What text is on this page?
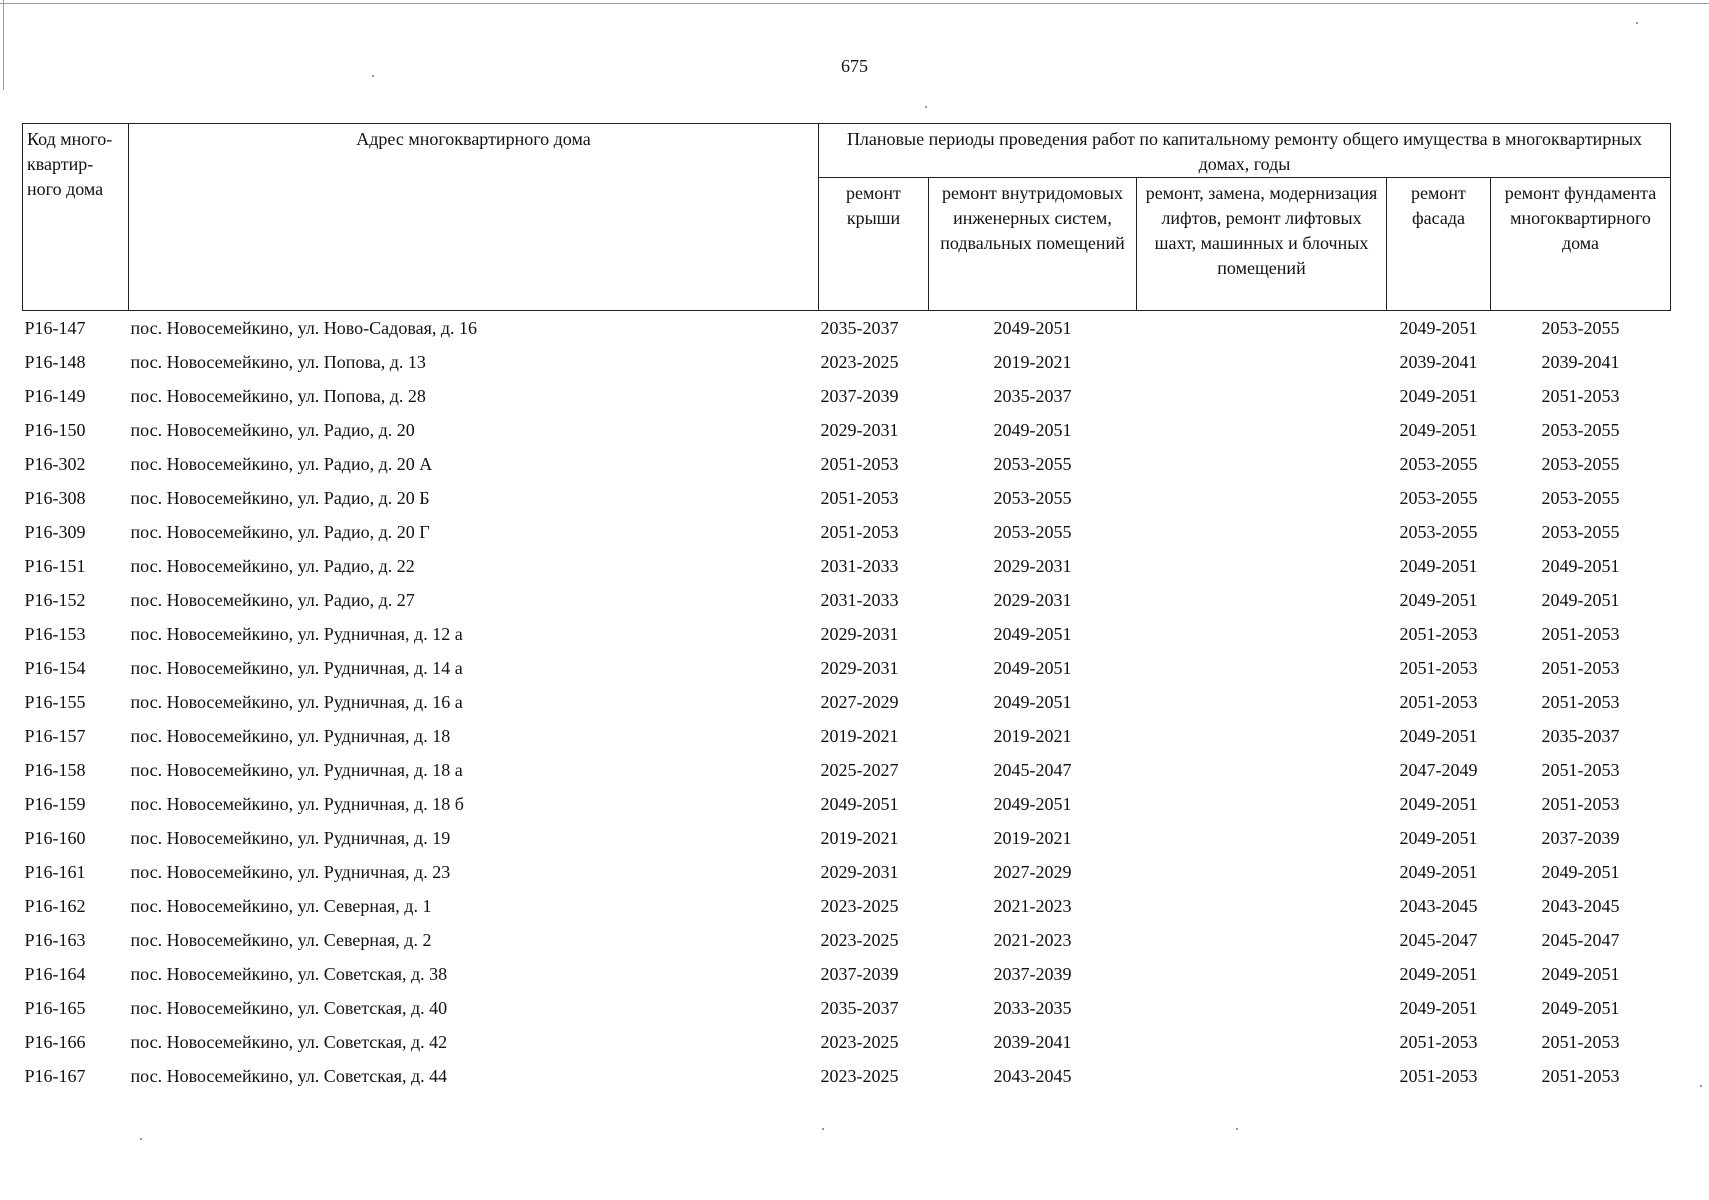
675
Код много-квартир-ного дома	Адрес многоквартирного дома	Плановые периоды проведения работ по капитальному ремонту общего имущества в многоквартирных домах, годы				
		ремонт крыши	ремонт внутридомовых инженерных систем, подвальных помещений	ремонт, замена, модернизация лифтов, ремонт лифтовых шахт, машинных и блочных помещений	ремонт фасада	ремонт фундамента многоквартирного дома
P16-147	пос. Новосемейкино, ул. Ново-Садовая, д. 16	2035-2037	2049-2051		2049-2051	2053-2055
P16-148	пос. Новосемейкино, ул. Попова, д. 13	2023-2025	2019-2021		2039-2041	2039-2041
P16-149	пос. Новосемейкино, ул. Попова, д. 28	2037-2039	2035-2037		2049-2051	2051-2053
P16-150	пос. Новосемейкино, ул. Радио, д. 20	2029-2031	2049-2051		2049-2051	2053-2055
P16-302	пос. Новосемейкино, ул. Радио, д. 20 А	2051-2053	2053-2055		2053-2055	2053-2055
P16-308	пос. Новосемейкино, ул. Радио, д. 20 Б	2051-2053	2053-2055		2053-2055	2053-2055
P16-309	пос. Новосемейкино, ул. Радио, д. 20 Г	2051-2053	2053-2055		2053-2055	2053-2055
P16-151	пос. Новосемейкино, ул. Радио, д. 22	2031-2033	2029-2031		2049-2051	2049-2051
P16-152	пос. Новосемейкино, ул. Радио, д. 27	2031-2033	2029-2031		2049-2051	2049-2051
P16-153	пос. Новосемейкино, ул. Рудничная, д. 12 а	2029-2031	2049-2051		2051-2053	2051-2053
P16-154	пос. Новосемейкино, ул. Рудничная, д. 14 а	2029-2031	2049-2051		2051-2053	2051-2053
P16-155	пос. Новосемейкино, ул. Рудничная, д. 16 а	2027-2029	2049-2051		2051-2053	2051-2053
P16-157	пос. Новосемейкино, ул. Рудничная, д. 18	2019-2021	2019-2021		2049-2051	2035-2037
P16-158	пос. Новосемейкино, ул. Рудничная, д. 18 а	2025-2027	2045-2047		2047-2049	2051-2053
P16-159	пос. Новосемейкино, ул. Рудничная, д. 18 б	2049-2051	2049-2051		2049-2051	2051-2053
P16-160	пос. Новосемейкино, ул. Рудничная, д. 19	2019-2021	2019-2021		2049-2051	2037-2039
P16-161	пос. Новосемейкино, ул. Рудничная, д. 23	2029-2031	2027-2029		2049-2051	2049-2051
P16-162	пос. Новосемейкино, ул. Северная, д. 1	2023-2025	2021-2023		2043-2045	2043-2045
P16-163	пос. Новосемейкино, ул. Северная, д. 2	2023-2025	2021-2023		2045-2047	2045-2047
P16-164	пос. Новосемейкино, ул. Советская, д. 38	2037-2039	2037-2039		2049-2051	2049-2051
P16-165	пос. Новосемейкино, ул. Советская, д. 40	2035-2037	2033-2035		2049-2051	2049-2051
P16-166	пос. Новосемейкино, ул. Советская, д. 42	2023-2025	2039-2041		2051-2053	2051-2053
P16-167	пос. Новосемейкино, ул. Советская, д. 44	2023-2025	2043-2045		2051-2053	2051-2053
